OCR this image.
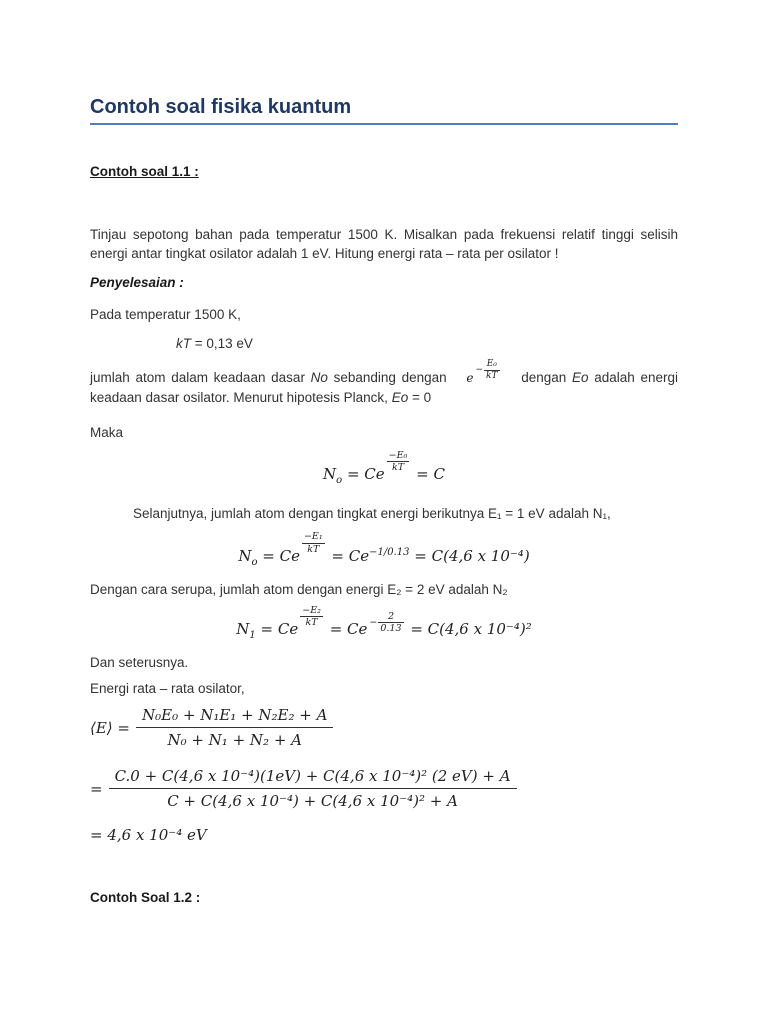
Contoh soal fisika kuantum
Contoh soal 1.1 :

Tinjau sepotong bahan pada temperatur 1500 K. Misalkan pada frekuensi relatif tinggi selisih energi antar tingkat osilator adalah 1 eV. Hitung energi rata – rata per osilator !

Penyelesaian :

Pada temperatur 1500 K,

kT = 0,13 eV

jumlah atom dalam keadaan dasar No sebanding dengan e
− $\frac{\text{E₀}}{kT}$ dengan Eo adalah energi keadaan dasar osilator. Menurut hipotesis Planck, Eo = 0

Maka

$N_o = Ce$
$\frac{\text{−E₀}}{kT}$
= C

Selanjutnya, jumlah atom dengan tingkat energi berikutnya E₁ = 1 eV adalah N₁,

$N_o = Ce$
$\frac{\text{−E₁}}{kT}$
= $Ce^{-1/0.13} = C(4,6$ x 10⁻⁴)

Dengan cara serupa, jumlah atom dengan energi E₂ = 2 eV adalah N₂

$N_1 = Ce$
$\frac{\text{−E₂}}{kT}$
= $Ce - \frac{2}{0.13} = C(4,6$ x 10⁻⁴)²

Dan seterusnya.

Energi rata – rata osilator,

⟨E⟩ = $\frac{\text{N₀E₀ + N₁E₁ + N₂E₂ + A}}{\text{N₀ + N₁ + N₂ + A}}$
= $\frac{\text{C.0 + C(4,6 x 10⁻⁴)(1eV) + C(4,6 x 10⁻⁴)² (2 eV) + A}}{\text{C + C(4,6 x 10⁻⁴) + C(4,6 x 10⁻⁴)² + A}}$
= 4,6 x 10⁻⁴ eV
Contoh Soal 1.2 :
